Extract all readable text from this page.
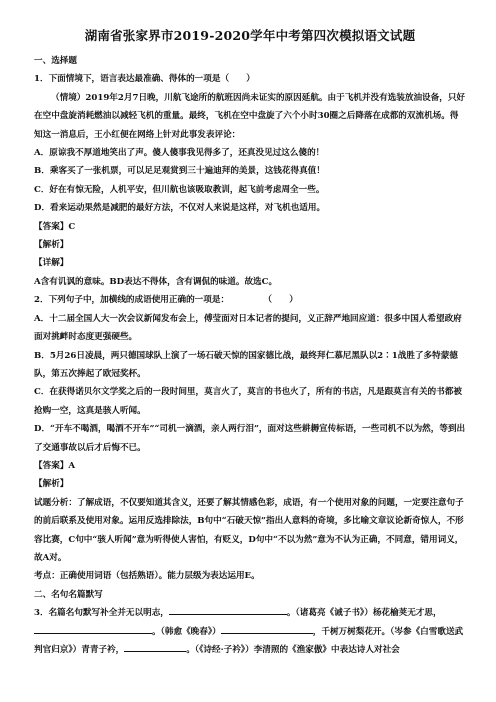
湖南省张家界市2019-2020学年中考第四次模拟语文试题
一、选择题

1．下面情境下，语言表达最准确、得体的一项是（　　）

（情境）2019年2月7日晚，川航飞途所的航班因尚未证实的原因延航。由于飞机并没有选装放油设备，只好在空中盘旋消耗燃油以减轻飞机的重量。最终，飞机在空中盘旋了六个小时30圈之后降落在成都的双流机场。得知这一消息后，王小红便在网络上针对此事发表评论：

A．原谅我不厚道地笑出了声。傻人傻事我见得多了，还真没见过这么傻的！

B．乘客买了一张机票，可以足足观赏到三十遍迪拜的美景，这钱花得真值！

C．好在有惊无险，人机平安，但川航也该吸取教训，起飞前考虑周全一些。

D．看来运动果然是减肥的最好方法，不仅对人来说是这样，对飞机也适用。

【答案】C

【解析】

【详解】

A含有讥讽的意味。BD表达不得体，含有调侃的味道。故选C。

2．下列句子中，加横线的成语使用正确的一项是：　　　　　（　　）

A．十二届全国人大一次会议新闻发布会上，傅莹面对日本记者的提问，义正辞严地回应道：很多中国人希望政府面对挑衅时态度更强硬些。

B．5月26日凌晨，两只德国球队上演了一场石破天惊的国家德比战，最终拜仁慕尼黑队以2∶1战胜了多特蒙德队，第五次捧起了欧冠奖杯。

C．在获得诺贝尔文学奖之后的一段时间里，莫言火了，莫言的书也火了，所有的书店，凡是跟莫言有关的书都被抢购一空，这真是骇人听闻。

D．“开车不喝酒，喝酒不开车”“司机一滴酒，亲人两行泪”，面对这些耕耨宣传标语，一些司机不以为然，等到出了交通事故以后才后悔不已。

【答案】A

【解析】

试题分析：了解成语，不仅要知道其含义，还要了解其情感色彩，成语，有一个使用对象的问题，一定要注意句子的前后联系及使用对象。运用反选排除法，B句中“石破天惊”指出人意料的奇境，多比喻文章议论新奇惊人，不形容比赛，C句中“骇人听闻”意为听得使人害怕，有贬义，D句中“不以为然”意为不认为正确，不同意，错用词义，故A对。

考点：正确使用词语（包括熟语）。能力层级为表达运用E。

二、名句名篇默写

3．名篇名句默写补全并无以明志，	。（诸葛亮《诫子书》）杨花榆荚无才思，。（韩愈《晚春》）	，千树万树梨花开。（岑参《白雪歌送武判官归京》）青青子衿，	。（《诗经·子衿》）李清照的《渔家傲》中表达诗人对社会
